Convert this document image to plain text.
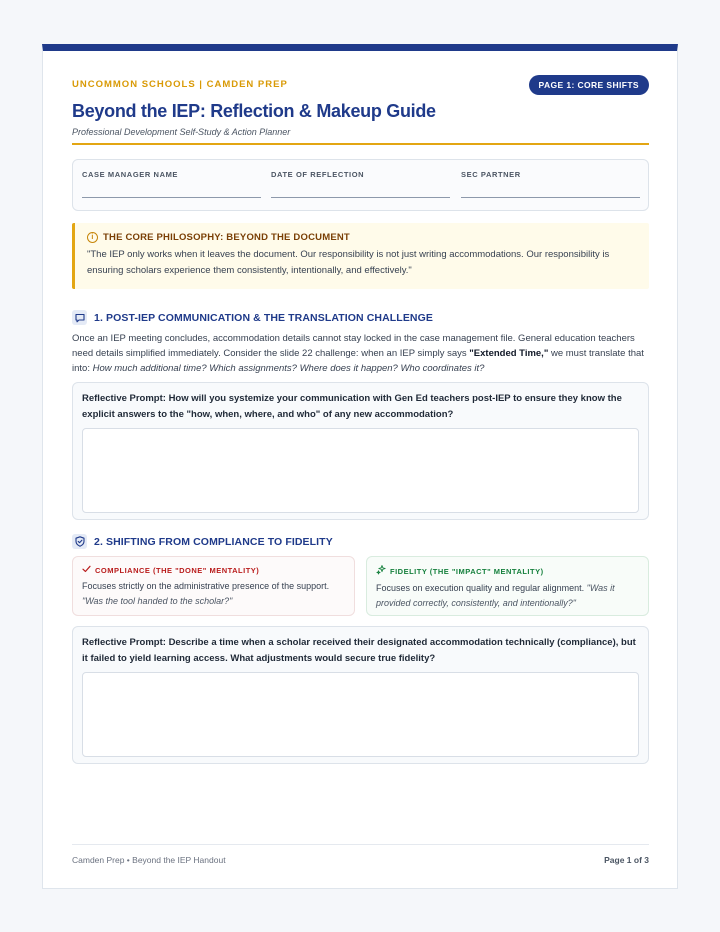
UNCOMMON SCHOOLS | CAMDEN PREP	PAGE 1: CORE SHIFTS
Beyond the IEP: Reflection & Makeup Guide
Professional Development Self-Study & Action Planner
CASE MANAGER NAME	DATE OF REFLECTION	SEC PARTNER
i THE CORE PHILOSOPHY: BEYOND THE DOCUMENT
"The IEP only works when it leaves the document. Our responsibility is not just writing accommodations. Our responsibility is ensuring scholars experience them consistently, intentionally, and effectively."
1. POST-IEP COMMUNICATION & THE TRANSLATION CHALLENGE
Once an IEP meeting concludes, accommodation details cannot stay locked in the case management file. General education teachers need details simplified immediately. Consider the slide 22 challenge: when an IEP simply says "Extended Time," we must translate that into: How much additional time? Which assignments? Where does it happen? Who coordinates it?
Reflective Prompt: How will you systemize your communication with Gen Ed teachers post-IEP to ensure they know the explicit answers to the "how, when, where, and who" of any new accommodation?
2. SHIFTING FROM COMPLIANCE TO FIDELITY
COMPLIANCE (THE "DONE" MENTALITY)
Focuses strictly on the administrative presence of the support. "Was the tool handed to the scholar?"
FIDELITY (THE "IMPACT" MENTALITY)
Focuses on execution quality and regular alignment. "Was it provided correctly, consistently, and intentionally?"
Reflective Prompt: Describe a time when a scholar received their designated accommodation technically (compliance), but it failed to yield learning access. What adjustments would secure true fidelity?
Camden Prep • Beyond the IEP Handout	Page 1 of 3
